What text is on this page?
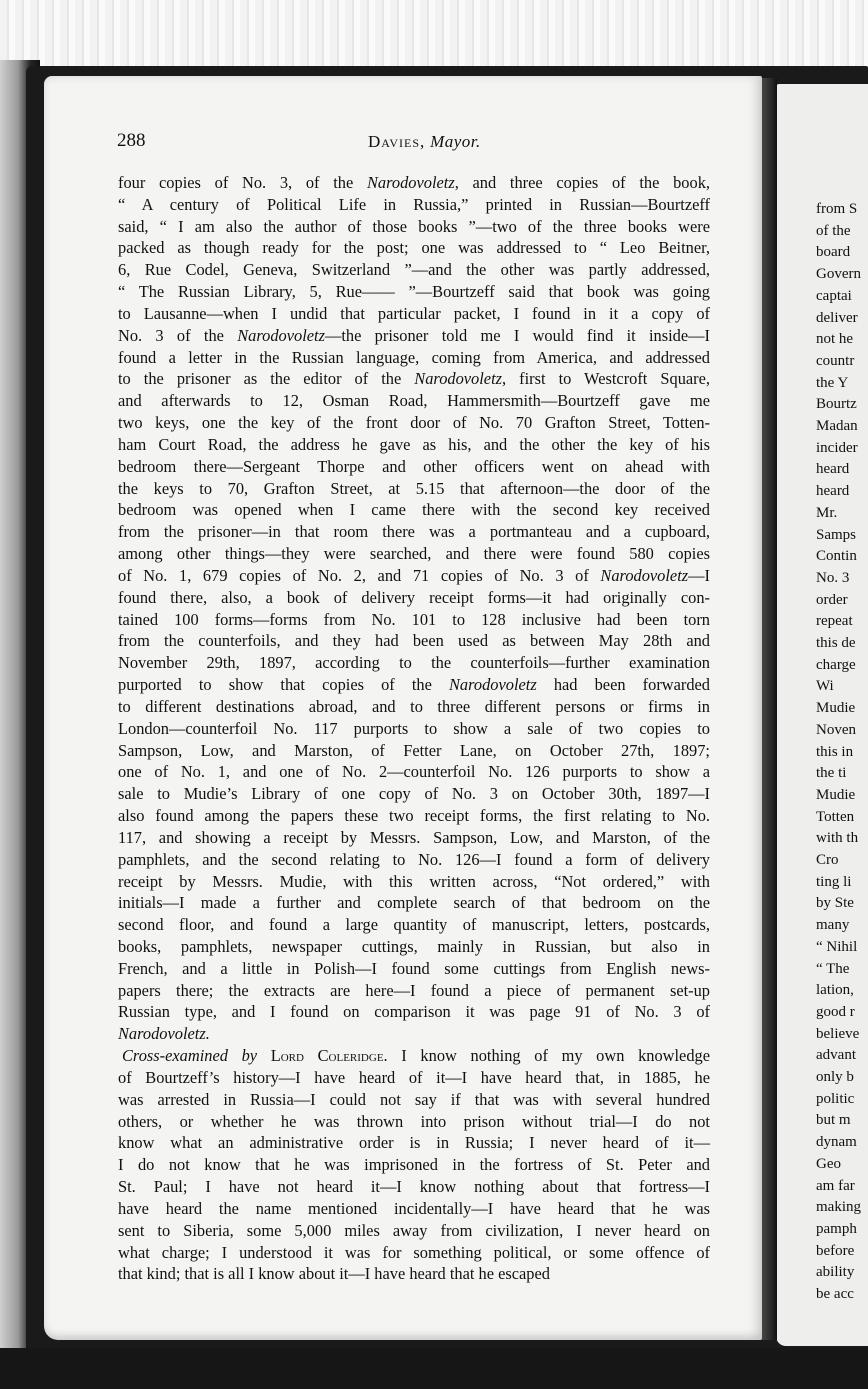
from S
of the
board
Govern
captai
deliver
not he
countr
the Y
Bourtz
Madan
incider
heard
heard
Mr.
Samps
Contin
No. 3
order
repeat
this de
charge
Wi
Mudie
Noven
this in
the ti
Mudie
Totten
with th
Cro
ting li
by Ste
many
“ Nihil
“ The
lation,
good r
believe
advant
only b
politic
but m
dynam
Geo
am far
making
pamph
before
ability
be acc
288	Davies, Mayor.
four copies of No. 3, of the Narodovoletz, and three copies of the book,
“ A century of Political Life in Russia,” printed in Russian—Bourtzeff
said, “ I am also the author of those books ”—two of the three books were
packed as though ready for the post; one was addressed to “ Leo Beitner,
6, Rue Codel, Geneva, Switzerland ”—and the other was partly addressed,
“ The Russian Library, 5, Rue—— ”—Bourtzeff said that book was going
to Lausanne—when I undid that particular packet, I found in it a copy of
No. 3 of the Narodovoletz—the prisoner told me I would find it inside—I
found a letter in the Russian language, coming from America, and addressed
to the prisoner as the editor of the Narodovoletz, first to Westcroft Square,
and afterwards to 12, Osman Road, Hammersmith—Bourtzeff gave me
two keys, one the key of the front door of No. 70 Grafton Street, Totten-
ham Court Road, the address he gave as his, and the other the key of his
bedroom there—Sergeant Thorpe and other officers went on ahead with
the keys to 70, Grafton Street, at 5.15 that afternoon—the door of the
bedroom was opened when I came there with the second key received
from the prisoner—in that room there was a portmanteau and a cupboard,
among other things—they were searched, and there were found 580 copies
of No. 1, 679 copies of No. 2, and 71 copies of No. 3 of Narodovoletz—I
found there, also, a book of delivery receipt forms—it had originally con-
tained 100 forms—forms from No. 101 to 128 inclusive had been torn
from the counterfoils, and they had been used as between May 28th and
November 29th, 1897, according to the counterfoils—further examination
purported to show that copies of the Narodovoletz had been forwarded
to different destinations abroad, and to three different persons or firms in
London—counterfoil No. 117 purports to show a sale of two copies to
Sampson, Low, and Marston, of Fetter Lane, on October 27th, 1897;
one of No. 1, and one of No. 2—counterfoil No. 126 purports to show a
sale to Mudie’s Library of one copy of No. 3 on October 30th, 1897—I
also found among the papers these two receipt forms, the first relating to No.
117, and showing a receipt by Messrs. Sampson, Low, and Marston, of the
pamphlets, and the second relating to No. 126—I found a form of delivery
receipt by Messrs. Mudie, with this written across, “Not ordered,” with
initials—I made a further and complete search of that bedroom on the
second floor, and found a large quantity of manuscript, letters, postcards,
books, pamphlets, newspaper cuttings, mainly in Russian, but also in
French, and a little in Polish—I found some cuttings from English news-
papers there; the extracts are here—I found a piece of permanent set-up
Russian type, and I found on comparison it was page 91 of No. 3 of
Narodovoletz.
Cross-examined by Lord Coleridge. I know nothing of my own knowledge
of Bourtzeff’s history—I have heard of it—I have heard that, in 1885, he
was arrested in Russia—I could not say if that was with several hundred
others, or whether he was thrown into prison without trial—I do not
know what an administrative order is in Russia; I never heard of it—
I do not know that he was imprisoned in the fortress of St. Peter and
St. Paul; I have not heard it—I know nothing about that fortress—I
have heard the name mentioned incidentally—I have heard that he was
sent to Siberia, some 5,000 miles away from civilization, I never heard on
what charge; I understood it was for something political, or some offence of
that kind; that is all I know about it—I have heard that he escaped
